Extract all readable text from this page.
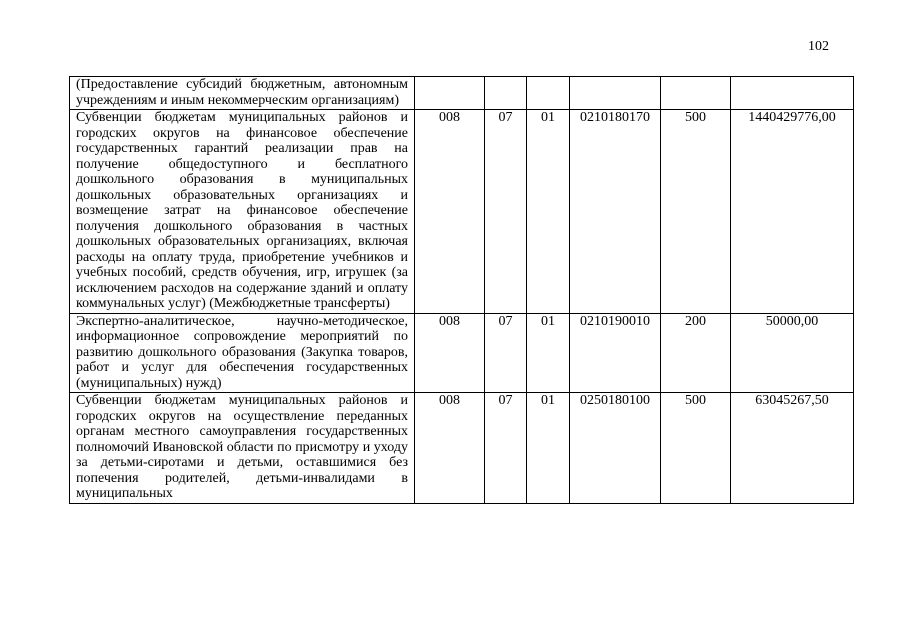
102
(Предоставление субсидий бюджетным, автономным учреждениям и иным некоммерческим организациям)						
Субвенции бюджетам муниципальных районов и городских округов на финансовое обеспечение государственных гарантий реализации прав на получение общедоступного и бесплатного дошкольного образования в муниципальных дошкольных образовательных организациях и возмещение затрат на финансовое обеспечение получения дошкольного образования в частных дошкольных образовательных организациях, включая расходы на оплату труда, приобретение учебников и учебных пособий, средств обучения, игр, игрушек (за исключением расходов на содержание зданий и оплату коммунальных услуг) (Межбюджетные трансферты)	008	07	01	0210180170	500	1440429776,00
Экспертно-аналитическое, научно-методическое, информационное сопровождение мероприятий по развитию дошкольного образования (Закупка товаров, работ и услуг для обеспечения государственных (муниципальных) нужд)	008	07	01	0210190010	200	50000,00
Субвенции бюджетам муниципальных районов и городских округов на осуществление переданных органам местного самоуправления государственных полномочий Ивановской области по присмотру и уходу за детьми-сиротами и детьми, оставшимися без попечения родителей, детьми-инвалидами в муниципальных	008	07	01	0250180100	500	63045267,50
